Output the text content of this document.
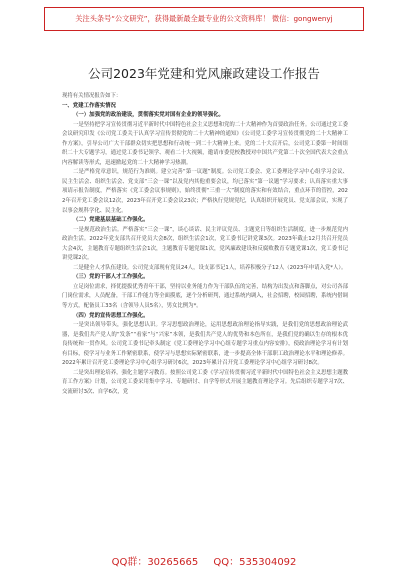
关注头条号“公文研究”，获得最新最全最专业的公文资料库！ 微信：gongwenyj
公司2023年党建和党风廉政建设工作报告

现将有关情况报告如下：

一、党建工作落实情况

（一）加强党的政治建设，贯彻落实党对国有企业的领导强化。

一是坚持把学习宣传贯彻习近平新时代中国特色社会主义思想和党的二十大精神作为首要政治任务。公司通过党工委会议研究印发《公司党工委关于认真学习宣传贯彻党的二十大精神的通知》《公司党工委学习宣传贯彻党的二十大精神工作方案》，引导公司广大干部群众切实把思想和行动统一到二十大精神上来。党的二十大召开后，公司党工委第一时间组织二十大专题学习，通过党工委书记领学、观看二十大视频，邀请市委党校教授对中国共产党第二十次全国代表大会重点内容解读等形式，迅速掀起党的二十大精神学习热潮。

二是严格党章意识，规范行为准则。建立完善“第一议题”制度。公司党工委会、党工委理论学习中心组学习会议、民主生活会、组织生活会、党支部“三会一课”以及党内其他重要会议，均已落实“第一议题”学习要求；认真落实重大事项请示报告制度，严格落实《党工委会议事规则》，始终贯彻“三重一大”制度的落实和有效结合，重点环节的管控，2022年召开党工委会议12次，2023年召开党工委会议23次；严格执行党规党纪，认真组织开展党员、党支部会议，实现了以事会规科学化、民主化。

（二）党建基层基础工作强化。

一是规范政治生活。严格落实“三会一课”，谈心谈话、民主评议党员、主题党日等组织生活制度，进一步规范党内政治生活。2022年党支部共召开党员大会8次，组织生活会1次，党工委书记讲党课3次。2023年截止12月共召开党员大会4次，主题教育专题组织生活会1次，主题教育专题党课1次，党风廉政建设和反腐败教育专题党课1次，党工委书记讲党课2次。

二是健全人才队伍建设。公司党支部现有党员24人，设支部书记1人，培养积极分子12人（2023年申请入党*人）。

（三）党的干部人才工作强化。

立足岗位需求，择优提拔优秀青年干部，坚持以业务能力作为干部队伍的完善，结构为出发点和落脚点，对公司各部门岗位需求，人员配备，干部工作能力等全面摸底，逐个分析研判，通过系统内调入，社会招聘，校园招聘，系统内借调等方式，配备员工33名（含领导人员5名），男女比例为*。

（四）党的宣传思想工作强化。

一是突出领导带头，强化思想认识。学习思想政治理论，运用思想政治理论指导实践，是我们党的思想政治理论武器，是我们共产党人的“发条”“看家”与“兴家”本领，是我们共产党人的优势和本色所在，是我们党的确以生存的根本优良传统和一贯作风。公司党工委书记牵头制定《党工委理论学习中心组专题学习重点内容安排》，使政治理论学习有计划有目标，使学习与业务工作紧密联系，使学习与思想实际紧密联系，进一步提高全体干部职工政治理论水平和理论修养。2022年累计召开党工委理论学习中心组学习研讨6次，2023年累计召开党工委理论学习中心组学习研讨8次。

二是突出理论培养，强化主题学习教育。按照公司党工委《学习宣传贯彻习近平新时代中国特色社会主义思想主题教育工作方案》计划，公司党工委采用集中学习、专题研讨、自学等形式开展主题教育理论学习。先后组织专题学习7次、交流研讨3次、自学6次，党

QQ群：30265665 QQ：535304092
